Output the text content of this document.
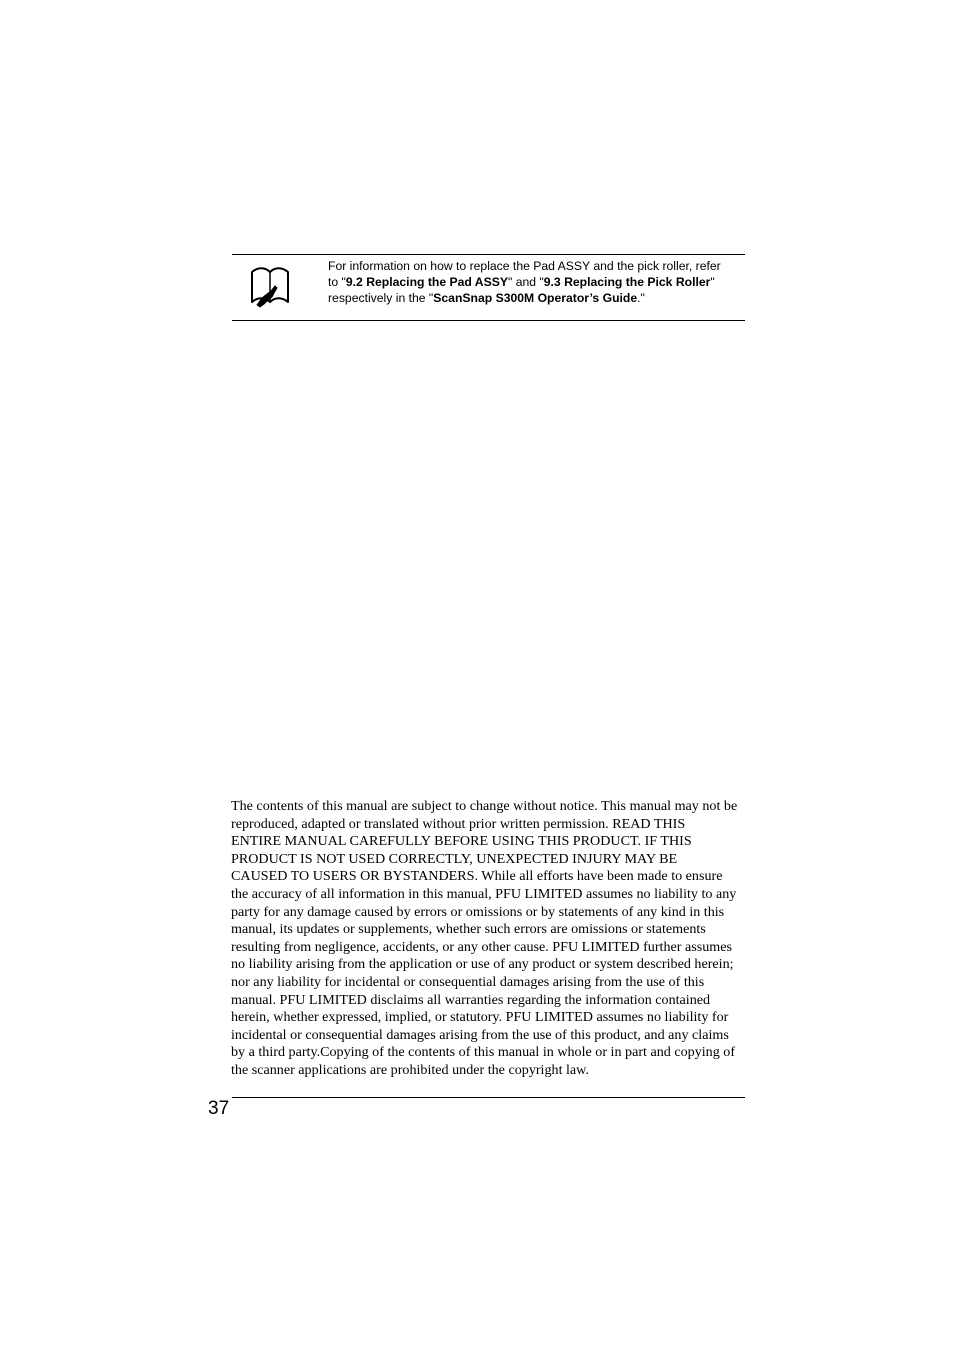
For information on how to replace the Pad ASSY and the pick roller, refer
to "9.2 Replacing the Pad ASSY" and "9.3 Replacing the Pick Roller"
respectively in the "ScanSnap S300M Operator’s Guide."
The contents of this manual are subject to change without notice. This manual may not be
reproduced, adapted or translated without prior written permission. READ THIS
ENTIRE MANUAL CAREFULLY BEFORE USING THIS PRODUCT. IF THIS
PRODUCT IS NOT USED CORRECTLY, UNEXPECTED INJURY MAY BE
CAUSED TO USERS OR BYSTANDERS. While all efforts have been made to ensure
the accuracy of all information in this manual, PFU LIMITED assumes no liability to any
party for any damage caused by errors or omissions or by statements of any kind in this
manual, its updates or supplements, whether such errors are omissions or statements
resulting from negligence, accidents, or any other cause. PFU LIMITED further assumes
no liability arising from the application or use of any product or system described herein;
nor any liability for incidental or consequential damages arising from the use of this
manual. PFU LIMITED disclaims all warranties regarding the information contained
herein, whether expressed, implied, or statutory. PFU LIMITED assumes no liability for
incidental or consequential damages arising from the use of this product, and any claims
by a third party.Copying of the contents of this manual in whole or in part and copying of
the scanner applications are prohibited under the copyright law.
37
